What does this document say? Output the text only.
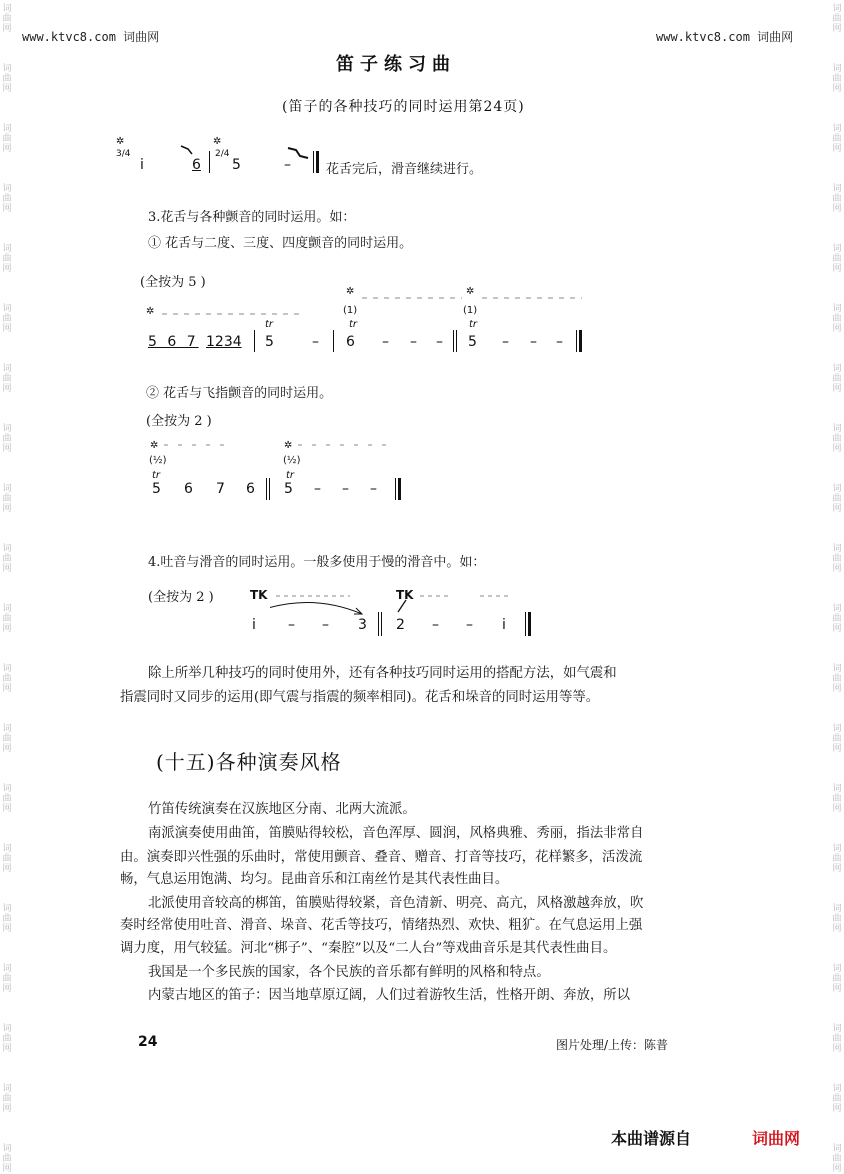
词
曲
网
词
曲
网
词
曲
网
词
曲
网
词
曲
网
词
曲
网
词
曲
网
词
曲
网
词
曲
网
词
曲
网
词
曲
网
词
曲
网
词
曲
网
词
曲
网
词
曲
网
词
曲
网
词
曲
网
词
曲
网
词
曲
网
词
曲
网
词
曲
网
词
曲
网
词
曲
网
词
曲
网
词
曲
网
词
曲
网
词
曲
网
词
曲
网
词
曲
网
词
曲
网
词
曲
网
词
曲
网
词
曲
网
词
曲
网
词
曲
网
词
曲
网
词
曲
网
词
曲
网
词
曲
网
词
曲
网
www.ktvc8.com 词曲网	www.ktvc8.com 词曲网
笛子练习曲
(笛子的各种技巧的同时运用第24页)
✲	✲
3/4
i	6
2/4
5	–	花舌完后，滑音继续进行。
3.花舌与各种颤音的同时运用。如：
① 花舌与二度、三度、四度颤音的同时运用。
(全按为 5 )
✲
✲	✲
(1)	(1)
tr	tr	tr
5 6 7 1234 5	– 6 – – – 5 – – –
② 花舌与飞指颤音的同时运用。
(全按为 2 )
✲	✲
(½)	(½)
tr	tr
5 6 7 6 5 – – –
4.吐音与滑音的同时运用。一般多使用于慢的滑音中。如：
(全按为 2 )	TK	TK
i – – 3 2 – – i
除上所举几种技巧的同时使用外，还有各种技巧同时运用的搭配方法，如气震和
指震同时又同步的运用(即气震与指震的频率相同)。花舌和垛音的同时运用等等。
(十五)各种演奏风格
竹笛传统演奏在汉族地区分南、北两大流派。
南派演奏使用曲笛，笛膜贴得较松，音色浑厚、圆润，风格典雅、秀丽，指法非常自
由。演奏即兴性强的乐曲时，常使用颤音、叠音、赠音、打音等技巧，花样繁多，活泼流
畅，气息运用饱满、均匀。昆曲音乐和江南丝竹是其代表性曲目。
北派使用音较高的梆笛，笛膜贴得较紧，音色清新、明亮、高亢，风格激越奔放，吹
奏时经常使用吐音、滑音、垛音、花舌等技巧，情绪热烈、欢快、粗犷。在气息运用上强
调力度，用气较猛。河北“梆子”、“秦腔”以及“二人台”等戏曲音乐是其代表性曲目。
我国是一个多民族的国家，各个民族的音乐都有鲜明的风格和特点。
内蒙古地区的笛子：因当地草原辽阔，人们过着游牧生活，性格开朗、奔放，所以
24	图片处理/上传：陈普
本曲谱源自	词曲网
